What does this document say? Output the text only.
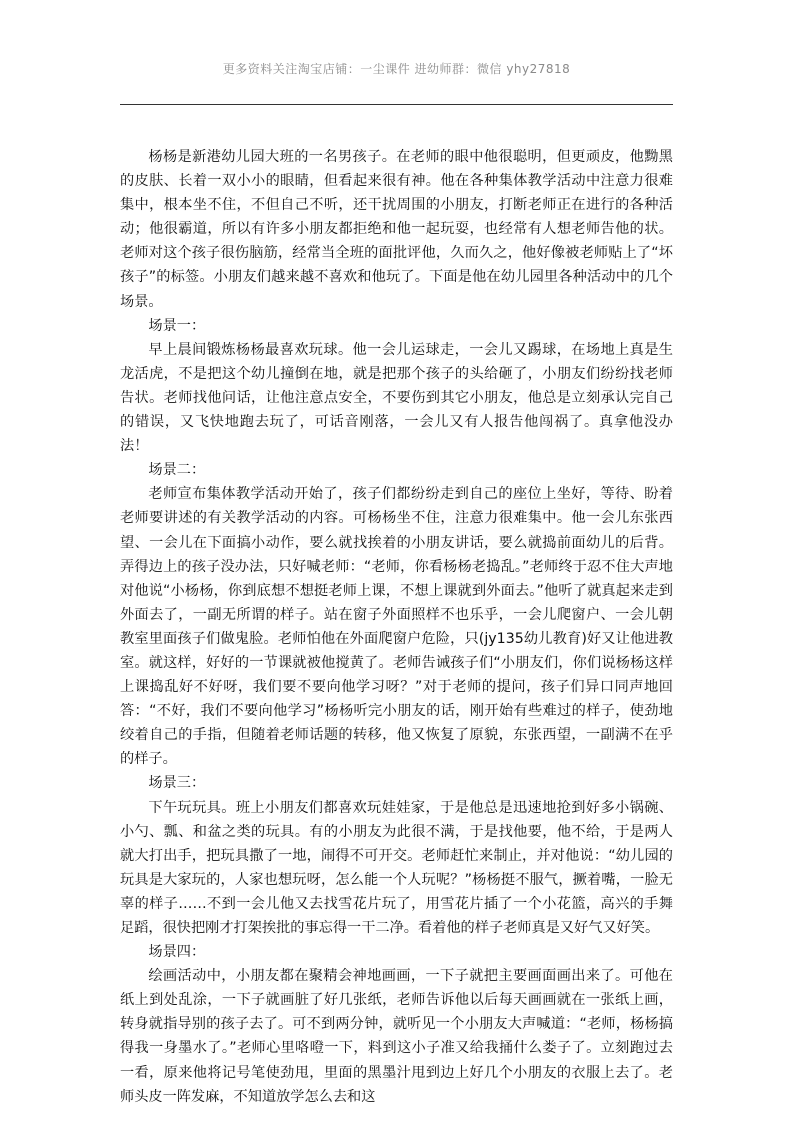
更多资料关注淘宝店铺：一尘课件 进幼师群：微信 yhy27818

杨杨是新港幼儿园大班的一名男孩子。在老师的眼中他很聪明，但更顽皮，他黝黑的皮肤、长着一双小小的眼睛，但看起来很有神。他在各种集体教学活动中注意力很难集中，根本坐不住，不但自己不听，还干扰周围的小朋友，打断老师正在进行的各种活动；他很霸道，所以有许多小朋友都拒绝和他一起玩耍，也经常有人想老师告他的状。老师对这个孩子很伤脑筋，经常当全班的面批评他，久而久之，他好像被老师贴上了“坏孩子”的标签。小朋友们越来越不喜欢和他玩了。下面是他在幼儿园里各种活动中的几个场景。

场景一：

早上晨间锻炼杨杨最喜欢玩球。他一会儿运球走，一会儿又踢球，在场地上真是生龙活虎，不是把这个幼儿撞倒在地，就是把那个孩子的头给砸了，小朋友们纷纷找老师告状。老师找他问话，让他注意点安全，不要伤到其它小朋友，他总是立刻承认完自己的错误，又飞快地跑去玩了，可话音刚落，一会儿又有人报告他闯祸了。真拿他没办法！

场景二：

老师宣布集体教学活动开始了，孩子们都纷纷走到自己的座位上坐好，等待、盼着老师要讲述的有关教学活动的内容。可杨杨坐不住，注意力很难集中。他一会儿东张西望、一会儿在下面搞小动作，要么就找挨着的小朋友讲话，要么就捣前面幼儿的后背。弄得边上的孩子没办法，只好喊老师：“老师，你看杨杨老捣乱。”老师终于忍不住大声地对他说“小杨杨，你到底想不想挺老师上课，不想上课就到外面去。”他听了就真起来走到外面去了，一副无所谓的样子。站在窗子外面照样不也乐乎，一会儿爬窗户、一会儿朝教室里面孩子们做鬼脸。老师怕他在外面爬窗户危险，只(jy135幼儿教育)好又让他进教室。就这样，好好的一节课就被他搅黄了。老师告诫孩子们“小朋友们，你们说杨杨这样上课捣乱好不好呀，我们要不要向他学习呀？”对于老师的提问，孩子们异口同声地回答：“不好，我们不要向他学习”杨杨听完小朋友的话，刚开始有些难过的样子，使劲地绞着自己的手指，但随着老师话题的转移，他又恢复了原貌，东张西望，一副满不在乎的样子。

场景三：

下午玩玩具。班上小朋友们都喜欢玩娃娃家，于是他总是迅速地抢到好多小锅碗、小勺、瓢、和盆之类的玩具。有的小朋友为此很不满，于是找他要，他不给，于是两人就大打出手，把玩具撒了一地，闹得不可开交。老师赶忙来制止，并对他说：“幼儿园的玩具是大家玩的，人家也想玩呀，怎么能一个人玩呢？”杨杨挺不服气，撅着嘴，一脸无辜的样子……不到一会儿他又去找雪花片玩了，用雪花片插了一个小花篮，高兴的手舞足蹈，很快把刚才打架挨批的事忘得一干二净。看着他的样子老师真是又好气又好笑。

场景四：

绘画活动中，小朋友都在聚精会神地画画，一下子就把主要画面画出来了。可他在纸上到处乱涂，一下子就画脏了好几张纸，老师告诉他以后每天画画就在一张纸上画，转身就指导别的孩子去了。可不到两分钟，就听见一个小朋友大声喊道：“老师，杨杨搞得我一身墨水了。”老师心里咯噔一下，料到这小子准又给我捅什么娄子了。立刻跑过去一看，原来他将记号笔使劲甩，里面的黑墨汁甩到边上好几个小朋友的衣服上去了。老师头皮一阵发麻，不知道放学怎么去和这
